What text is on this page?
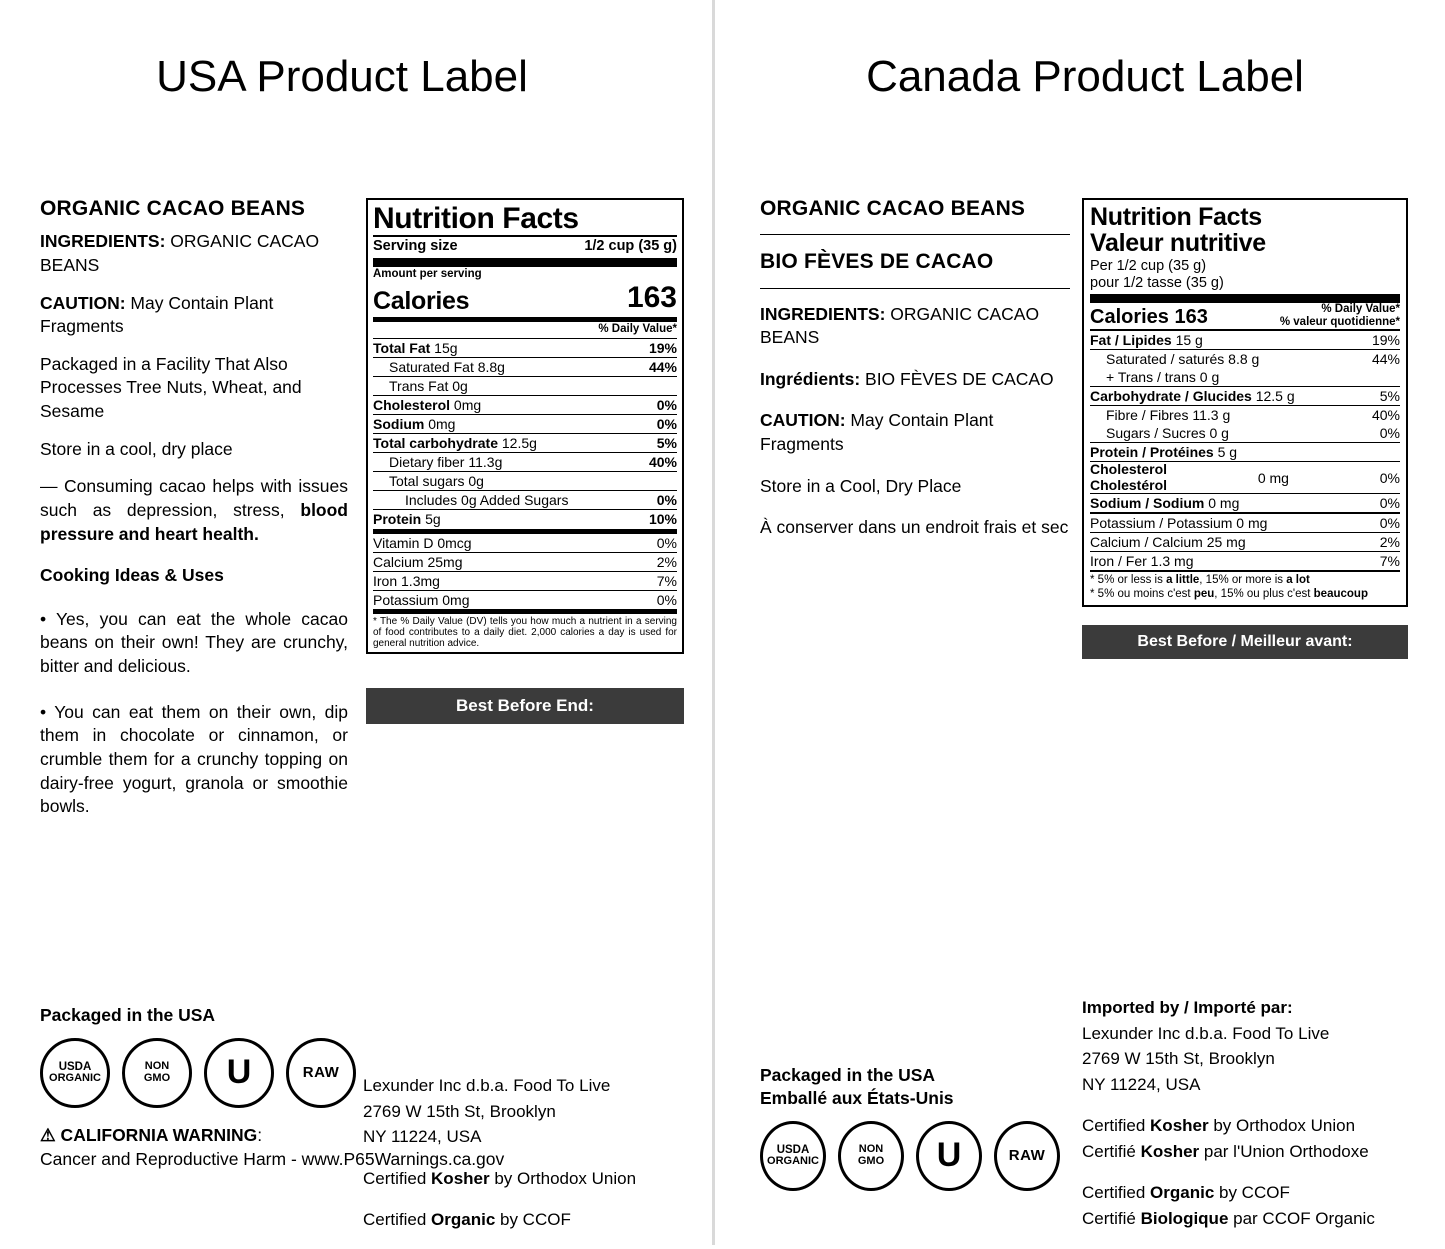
USA Product Label
ORGANIC CACAO BEANS

INGREDIENTS: ORGANIC CACAO BEANS

CAUTION: May Contain Plant Fragments

Packaged in a Facility That Also Processes Tree Nuts, Wheat, and Sesame

Store in a cool, dry place

— Consuming cacao helps with issues such as depression, stress, blood pressure and heart health.

Cooking Ideas & Uses

• Yes, you can eat the whole cacao beans on their own! They are crunchy, bitter and delicious.

• You can eat them on their own, dip them in chocolate or cinnamon, or crumble them for a crunchy topping on dairy-free yogurt, granola or smoothie bowls.

Nutrition Facts
Serving size	1/2 cup (35 g)
Amount per serving
Calories	163
% Daily Value*
Total Fat 15g	19%
Saturated Fat 8.8g	44%
Trans Fat 0g
Cholesterol 0mg	0%
Sodium 0mg	0%
Total carbohydrate 12.5g	5%
Dietary fiber 11.3g	40%
Total sugars 0g
Includes 0g Added Sugars	0%
Protein 5g	10%
Vitamin D 0mcg	0%
Calcium 25mg	2%
Iron 1.3mg	7%
Potassium 0mg	0%
* The % Daily Value (DV) tells you how much a nutrient in a serving of food contributes to a daily diet. 2,000 calories a day is used for general nutrition advice.
Best Before End:
Packaged in the USA
USDA
ORGANIC
NON
GMO U	RAW
⚠ CALIFORNIA WARNING:
Cancer and Reproductive Harm - www.P65Warnings.ca.gov

Lexunder Inc d.b.a. Food To Live

2769 W 15th St, Brooklyn

NY 11224, USA

Certified Kosher by Orthodox Union

Certified Organic by CCOF

Canada Product Label
ORGANIC CACAO BEANS
BIO FÈVES DE CACAO

INGREDIENTS: ORGANIC CACAO BEANS

Ingrédients: BIO FÈVES DE CACAO

CAUTION: May Contain Plant Fragments

Store in a Cool, Dry Place

À conserver dans un endroit frais et sec

Nutrition Facts
Valeur nutritive
Per 1/2 cup (35 g)
pour 1/2 tasse (35 g)
Calories 163	% Daily Value*
% valeur quotidienne*
Fat / Lipides 15 g	19%
Saturated / saturés 8.8 g	44%
+ Trans / trans 0 g
Carbohydrate / Glucides 12.5 g	5%
Fibre / Fibres 11.3 g	40%
Sugars / Sucres 0 g	0%
Protein / Protéines 5 g
Cholesterol
Cholestérol	0 mg	0%
Sodium / Sodium 0 mg	0%
Potassium / Potassium 0 mg	0%
Calcium / Calcium 25 mg	2%
Iron / Fer 1.3 mg	7%
* 5% or less is a little, 15% or more is a lot
* 5% ou moins c'est peu, 15% ou plus c'est beaucoup
Best Before / Meilleur avant:
Packaged in the USA
Emballé aux États-Unis
USDA
ORGANIC
NON
GMO U	RAW

Imported by / Importé par:

Lexunder Inc d.b.a. Food To Live

2769 W 15th St, Brooklyn

NY 11224, USA

Certified Kosher by Orthodox Union

Certifié Kosher par l'Union Orthodoxe

Certified Organic by CCOF

Certifié Biologique par CCOF Organic
